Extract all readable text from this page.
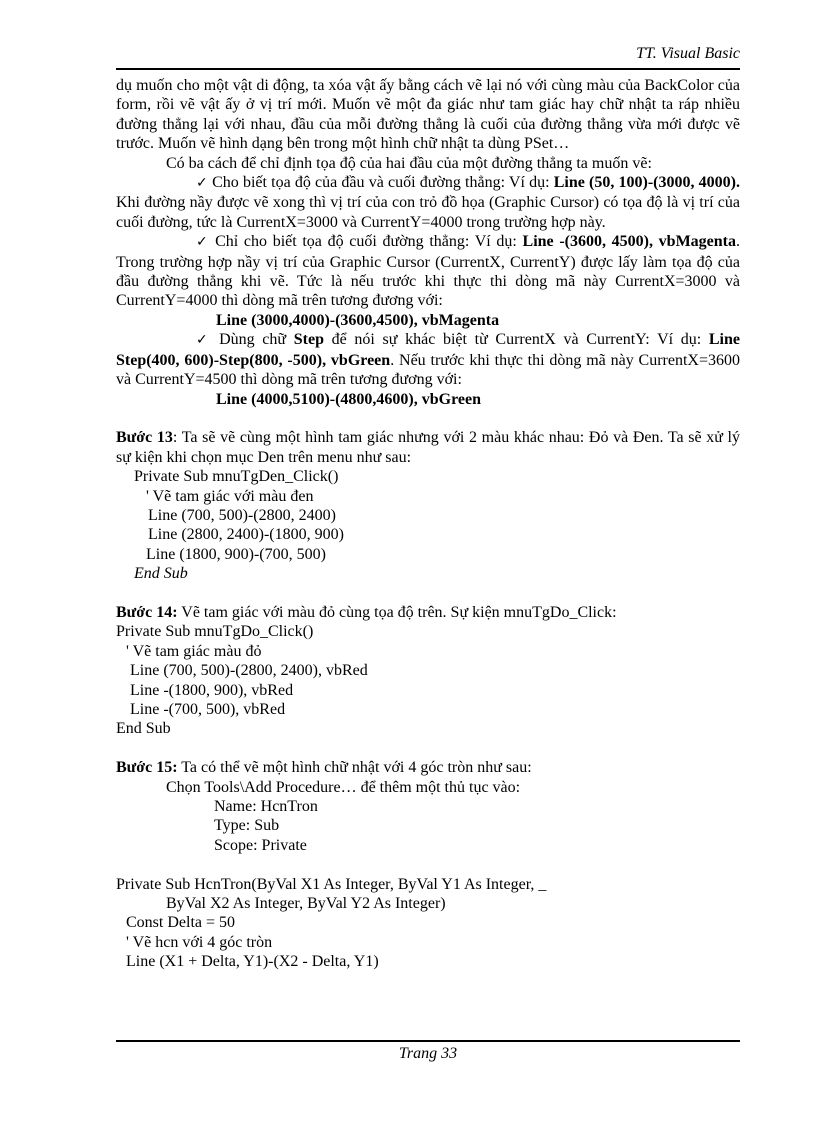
TT. Visual Basic

dụ muốn cho một vật di động, ta xóa vật ấy bằng cách vẽ lại nó với cùng màu của BackColor của form, rồi vẽ vật ấy ở vị trí mới. Muốn vẽ một đa giác như tam giác hay chữ nhật ta ráp nhiều đường thẳng lại với nhau, đầu của mỗi đường thẳng là cuối của đường thẳng vừa mới được vẽ trước. Muốn vẽ hình dạng bên trong một hình chữ nhật ta dùng PSet…

Có ba cách để chỉ định tọa độ của hai đầu của một đường thẳng ta muốn vẽ:

✓ Cho biết tọa độ của đầu và cuối đường thẳng: Ví dụ: Line (50, 100)-(3000, 4000). Khi đường nầy được vẽ xong thì vị trí của con trỏ đồ họa (Graphic Cursor) có tọa độ là vị trí của cuối đường, tức là CurrentX=3000 và CurrentY=4000 trong trường hợp này.

✓ Chỉ cho biết tọa độ cuối đường thẳng: Ví dụ: Line -(3600, 4500), vbMagenta. Trong trường hợp nầy vị trí của Graphic Cursor (CurrentX, CurrentY) được lấy làm tọa độ của đầu đường thẳng khi vẽ. Tức là nếu trước khi thực thi dòng mã này CurrentX=3000 và CurrentY=4000 thì dòng mã trên tương đương với:

Line (3000,4000)-(3600,4500), vbMagenta

✓ Dùng chữ Step để nói sự khác biệt từ CurrentX và CurrentY: Ví dụ: Line Step(400, 600)-Step(800, -500), vbGreen. Nếu trước khi thực thi dòng mã này CurrentX=3600 và CurrentY=4500 thì dòng mã trên tương đương với:

Line (4000,5100)-(4800,4600), vbGreen

Bước 13: Ta sẽ vẽ cùng một hình tam giác nhưng với 2 màu khác nhau: Đỏ và Đen. Ta sẽ xử lý sự kiện khi chọn mục Den trên menu như sau:

Private Sub mnuTgDen_Click()

' Vẽ tam giác với màu đen

Line (700, 500)-(2800, 2400)

Line (2800, 2400)-(1800, 900)

Line (1800, 900)-(700, 500)

End Sub

Bước 14: Vẽ tam giác với màu đỏ cùng tọa độ trên. Sự kiện mnuTgDo_Click:

Private Sub mnuTgDo_Click()

' Vẽ tam giác màu đỏ

Line (700, 500)-(2800, 2400), vbRed

Line -(1800, 900), vbRed

Line -(700, 500), vbRed

End Sub

Bước 15: Ta có thể vẽ một hình chữ nhật với 4 góc tròn như sau:

Chọn Tools\Add Procedure… để thêm một thủ tục vào:

Name: HcnTron

Type: Sub

Scope: Private

Private Sub HcnTron(ByVal X1 As Integer, ByVal Y1 As Integer, _

ByVal X2 As Integer, ByVal Y2 As Integer)

Const Delta = 50

' Vẽ hcn với 4 góc tròn

Line (X1 + Delta, Y1)-(X2 - Delta, Y1)

Trang 33
